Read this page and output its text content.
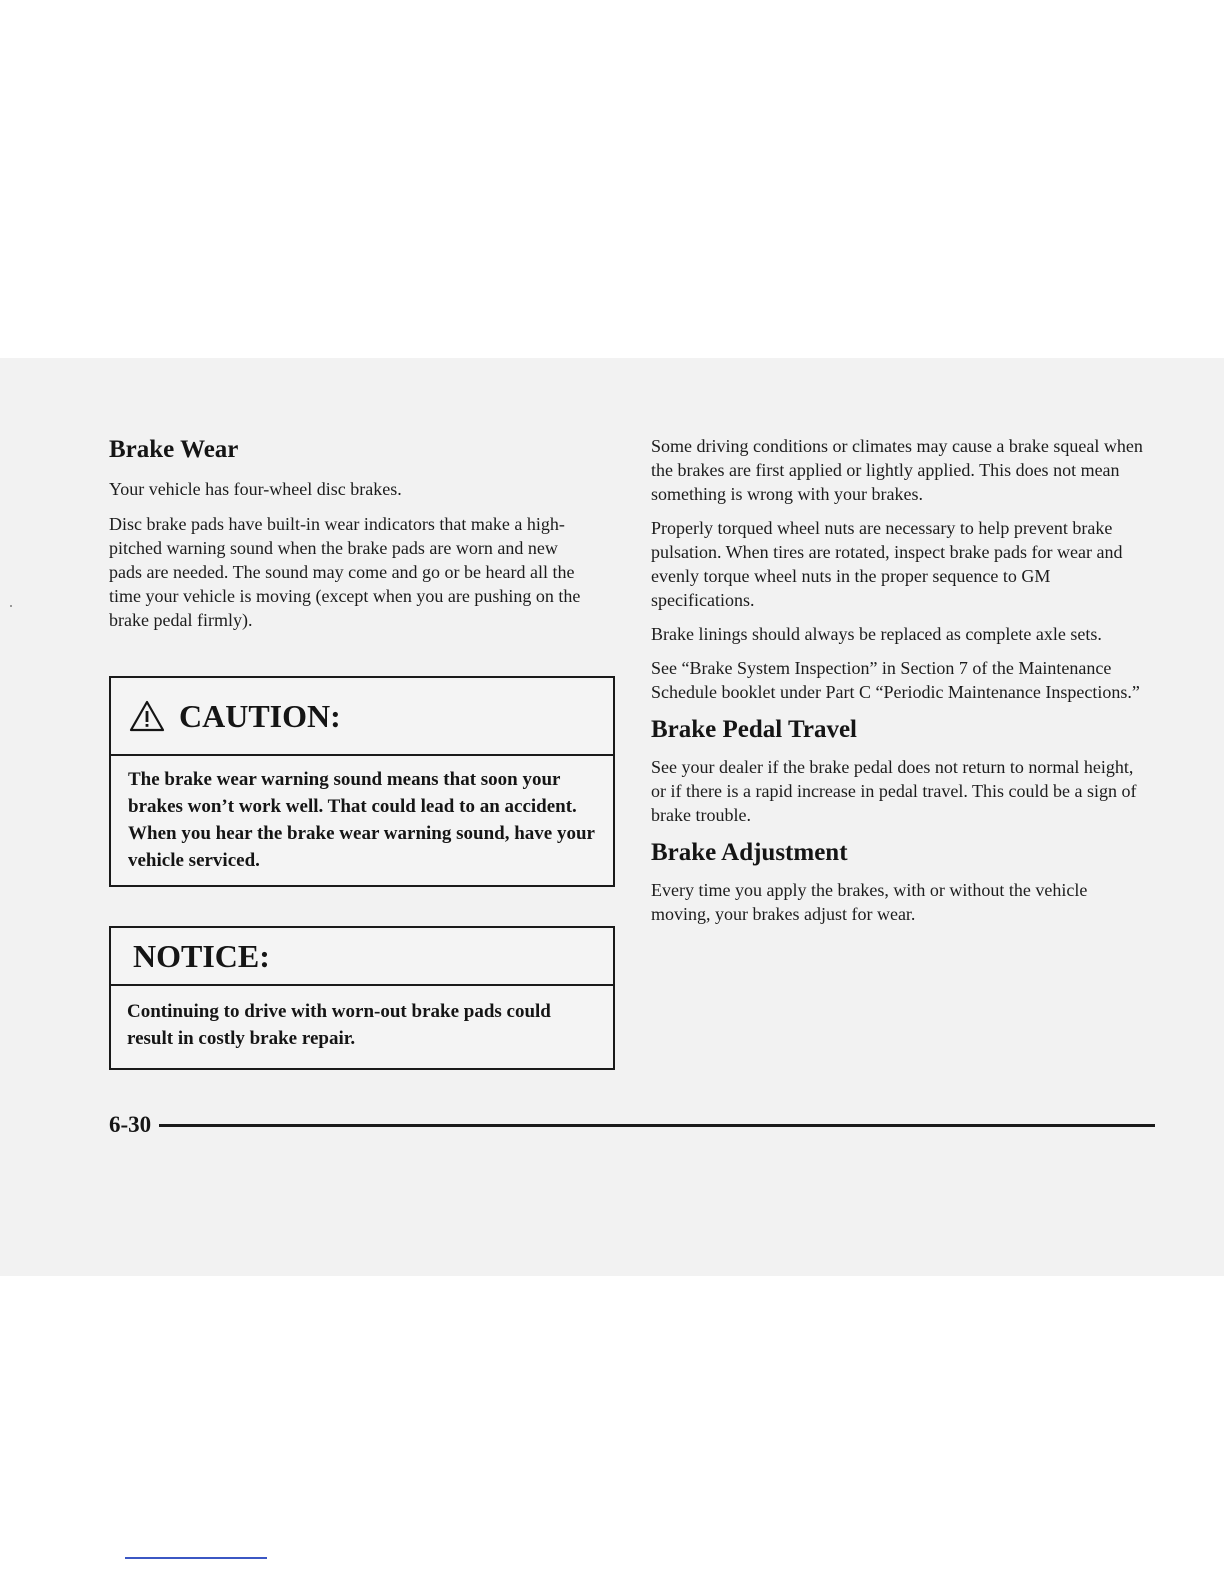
Brake Wear

Your vehicle has four-wheel disc brakes.

Disc brake pads have built-in wear indicators that make a high-pitched warning sound when the brake pads are worn and new pads are needed. The sound may come and go or be heard all the time your vehicle is moving (except when you are pushing on the brake pedal firmly).

CAUTION:
The brake wear warning sound means that soon your brakes won’t work well. That could lead to an accident. When you hear the brake wear warning sound, have your vehicle serviced.
NOTICE:
Continuing to drive with worn-out brake pads could result in costly brake repair.

Some driving conditions or climates may cause a brake squeal when the brakes are first applied or lightly applied. This does not mean something is wrong with your brakes.

Properly torqued wheel nuts are necessary to help prevent brake pulsation. When tires are rotated, inspect brake pads for wear and evenly torque wheel nuts in the proper sequence to GM specifications.

Brake linings should always be replaced as complete axle sets.

See “Brake System Inspection” in Section 7 of the Maintenance Schedule booklet under Part C “Periodic Maintenance Inspections.”

Brake Pedal Travel

See your dealer if the brake pedal does not return to normal height, or if there is a rapid increase in pedal travel. This could be a sign of brake trouble.

Brake Adjustment

Every time you apply the brakes, with or without the vehicle moving, your brakes adjust for wear.

6-30
